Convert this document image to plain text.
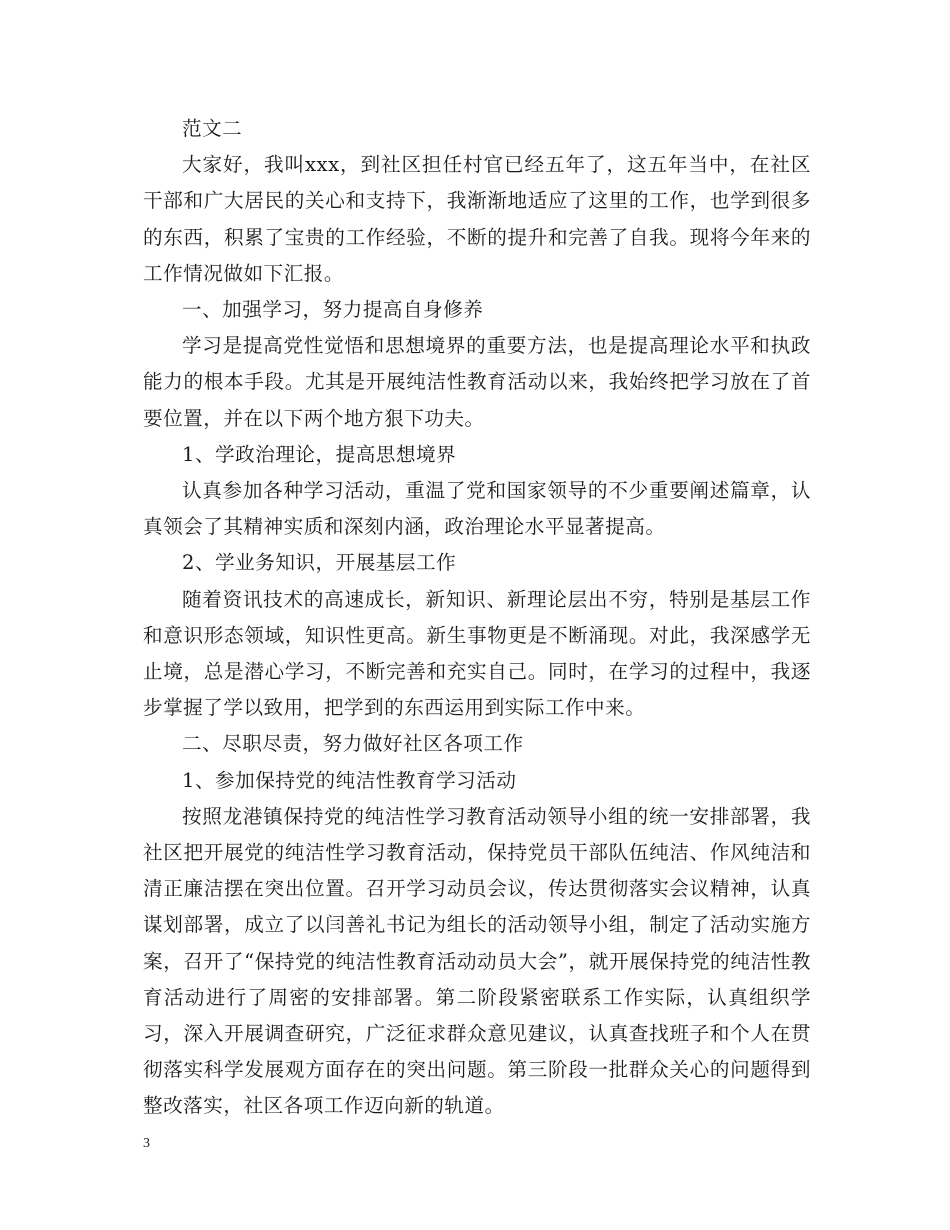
范文二

大家好，我叫xxx，到社区担任村官已经五年了，这五年当中，在社区干部和广大居民的关心和支持下，我渐渐地适应了这里的工作，也学到很多的东西，积累了宝贵的工作经验，不断的提升和完善了自我。现将今年来的工作情况做如下汇报。

一、加强学习，努力提高自身修养

学习是提高党性觉悟和思想境界的重要方法，也是提高理论水平和执政能力的根本手段。尤其是开展纯洁性教育活动以来，我始终把学习放在了首要位置，并在以下两个地方狠下功夫。

1、学政治理论，提高思想境界

认真参加各种学习活动，重温了党和国家领导的不少重要阐述篇章，认真领会了其精神实质和深刻内涵，政治理论水平显著提高。

2、学业务知识，开展基层工作

随着资讯技术的高速成长，新知识、新理论层出不穷，特别是基层工作和意识形态领域，知识性更高。新生事物更是不断涌现。对此，我深感学无止境，总是潜心学习，不断完善和充实自己。同时，在学习的过程中，我逐步掌握了学以致用，把学到的东西运用到实际工作中来。

二、尽职尽责，努力做好社区各项工作

1、参加保持党的纯洁性教育学习活动

按照龙港镇保持党的纯洁性学习教育活动领导小组的统一安排部署，我社区把开展党的纯洁性学习教育活动，保持党员干部队伍纯洁、作风纯洁和清正廉洁摆在突出位置。召开学习动员会议，传达贯彻落实会议精神，认真谋划部署，成立了以闫善礼书记为组长的活动领导小组，制定了活动实施方案，召开了“保持党的纯洁性教育活动动员大会”，就开展保持党的纯洁性教育活动进行了周密的安排部署。第二阶段紧密联系工作实际，认真组织学习，深入开展调查研究，广泛征求群众意见建议，认真查找班子和个人在贯彻落实科学发展观方面存在的突出问题。第三阶段一批群众关心的问题得到整改落实，社区各项工作迈向新的轨道。

3
